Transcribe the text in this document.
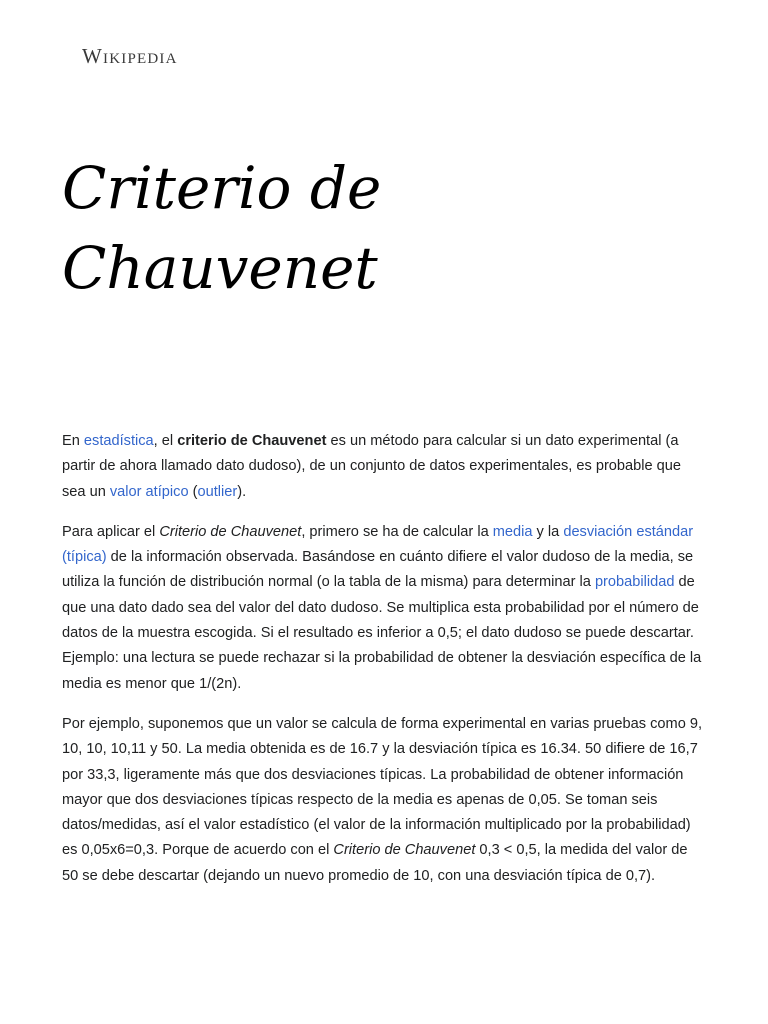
Wikipedia
Criterio de
Chauvenet

En estadística, el criterio de Chauvenet es un método para calcular si un dato experimental (a partir de ahora llamado dato dudoso), de un conjunto de datos experimentales, es probable que sea un valor atípico (outlier).

Para aplicar el Criterio de Chauvenet, primero se ha de calcular la media y la desviación estándar (típica) de la información observada. Basándose en cuánto difiere el valor dudoso de la media, se utiliza la función de distribución normal (o la tabla de la misma) para determinar la probabilidad de que una dato dado sea del valor del dato dudoso. Se multiplica esta probabilidad por el número de datos de la muestra escogida. Si el resultado es inferior a 0,5; el dato dudoso se puede descartar. Ejemplo: una lectura se puede rechazar si la probabilidad de obtener la desviación específica de la media es menor que 1/(2n).

Por ejemplo, suponemos que un valor se calcula de forma experimental en varias pruebas como 9, 10, 10, 10,11 y 50. La media obtenida es de 16.7 y la desviación típica es 16.34. 50 difiere de 16,7 por 33,3, ligeramente más que dos desviaciones típicas. La probabilidad de obtener información mayor que dos desviaciones típicas respecto de la media es apenas de 0,05. Se toman seis datos/medidas, así el valor estadístico (el valor de la información multiplicado por la probabilidad) es 0,05x6=0,3. Porque de acuerdo con el Criterio de Chauvenet 0,3 < 0,5, la medida del valor de 50 se debe descartar (dejando un nuevo promedio de 10, con una desviación típica de 0,7).
